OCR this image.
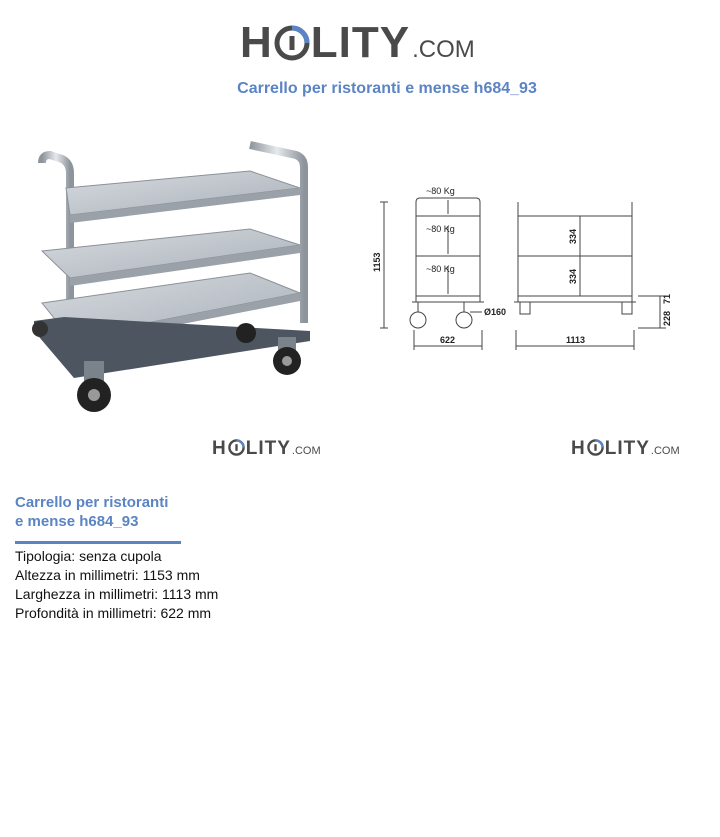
H LITY .COM
Carrello per ristoranti e mense h684_93
~80 Kg
~80 Kg
~80 Kg
1153
622	1113
Ø160
334
334
228
71
H LITY .COM	H LITY .COM
Carrello per ristoranti
e mense h684_93
Tipologia: senza cupola
Altezza in millimetri: 1153 mm
Larghezza in millimetri: 1113 mm
Profondità in millimetri: 622 mm
